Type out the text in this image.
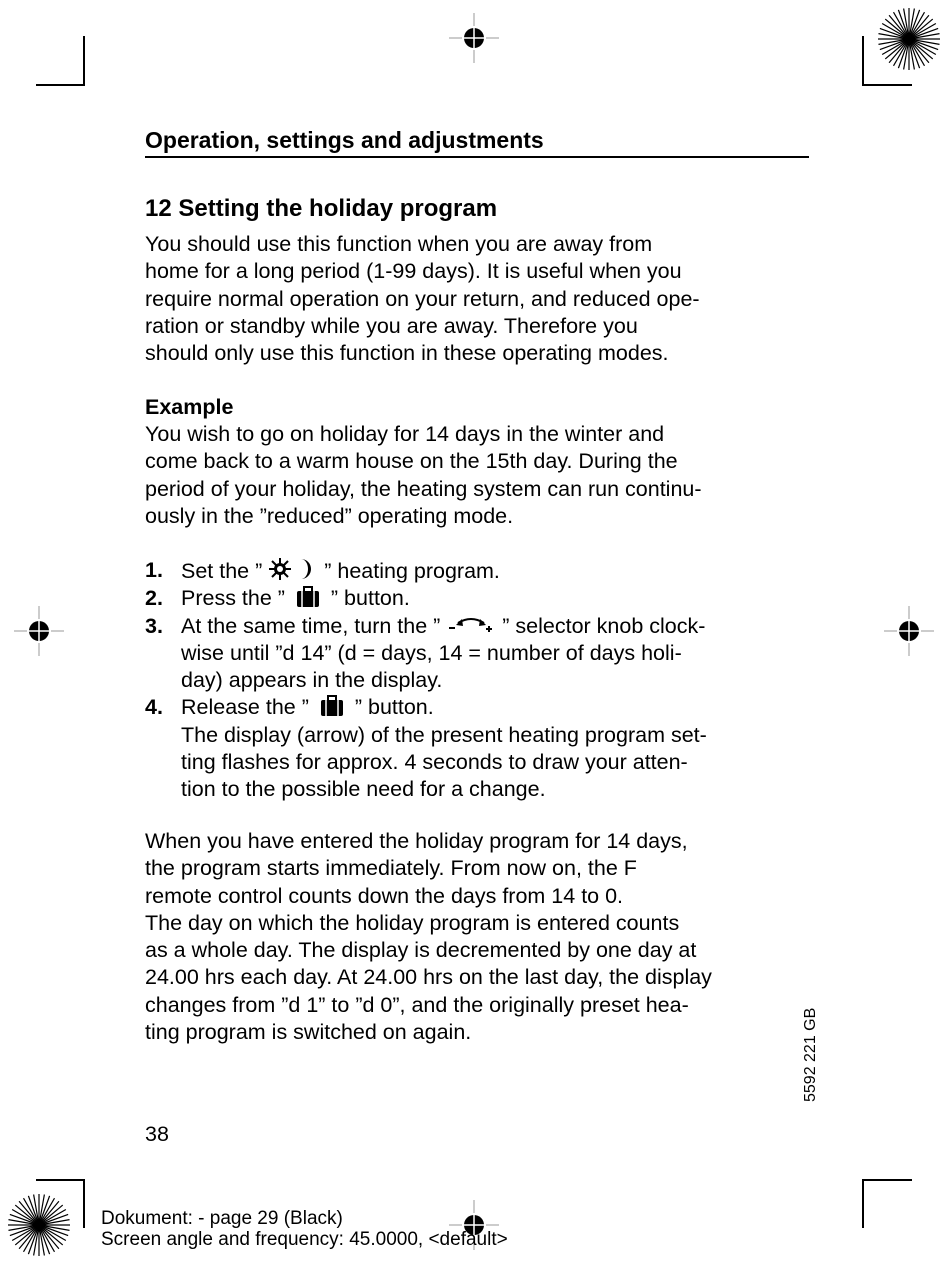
Operation, settings and adjustments
12 Setting the holiday program
You should use this function when you are away from
home for a long period (1-99 days). It is useful when you
require normal operation on your return, and reduced ope-
ration or standby while you are away. Therefore you
should only use this function in these operating modes.
Example
You wish to go on holiday for 14 days in the winter and
come back to a warm house on the 15th day. During the
period of your holiday, the heating system can run continu-
ously in the ”reduced” operating mode.
1. Set the ”	” heating program.
2. Press the ” ” button.
3. At the same time, turn the ”	” selector knob clock-
wise until ”d 14” (d = days, 14 = number of days holi-
day) appears in the display.
4. Release the ” ” button.
The display (arrow) of the present heating program set-
ting flashes for approx. 4 seconds to draw your atten-
tion to the possible need for a change.
When you have entered the holiday program for 14 days,
the program starts immediately. From now on, the F
remote control counts down the days from 14 to 0.
The day on which the holiday program is entered counts
as a whole day. The display is decremented by one day at
24.00 hrs each day. At 24.00 hrs on the last day, the display
changes from ”d 1” to ”d 0”, and the originally preset hea-
ting program is switched on again.	5592 221 GB
38
Dokument: - page 29 (Black)
Screen angle and frequency: 45.0000, <default>
